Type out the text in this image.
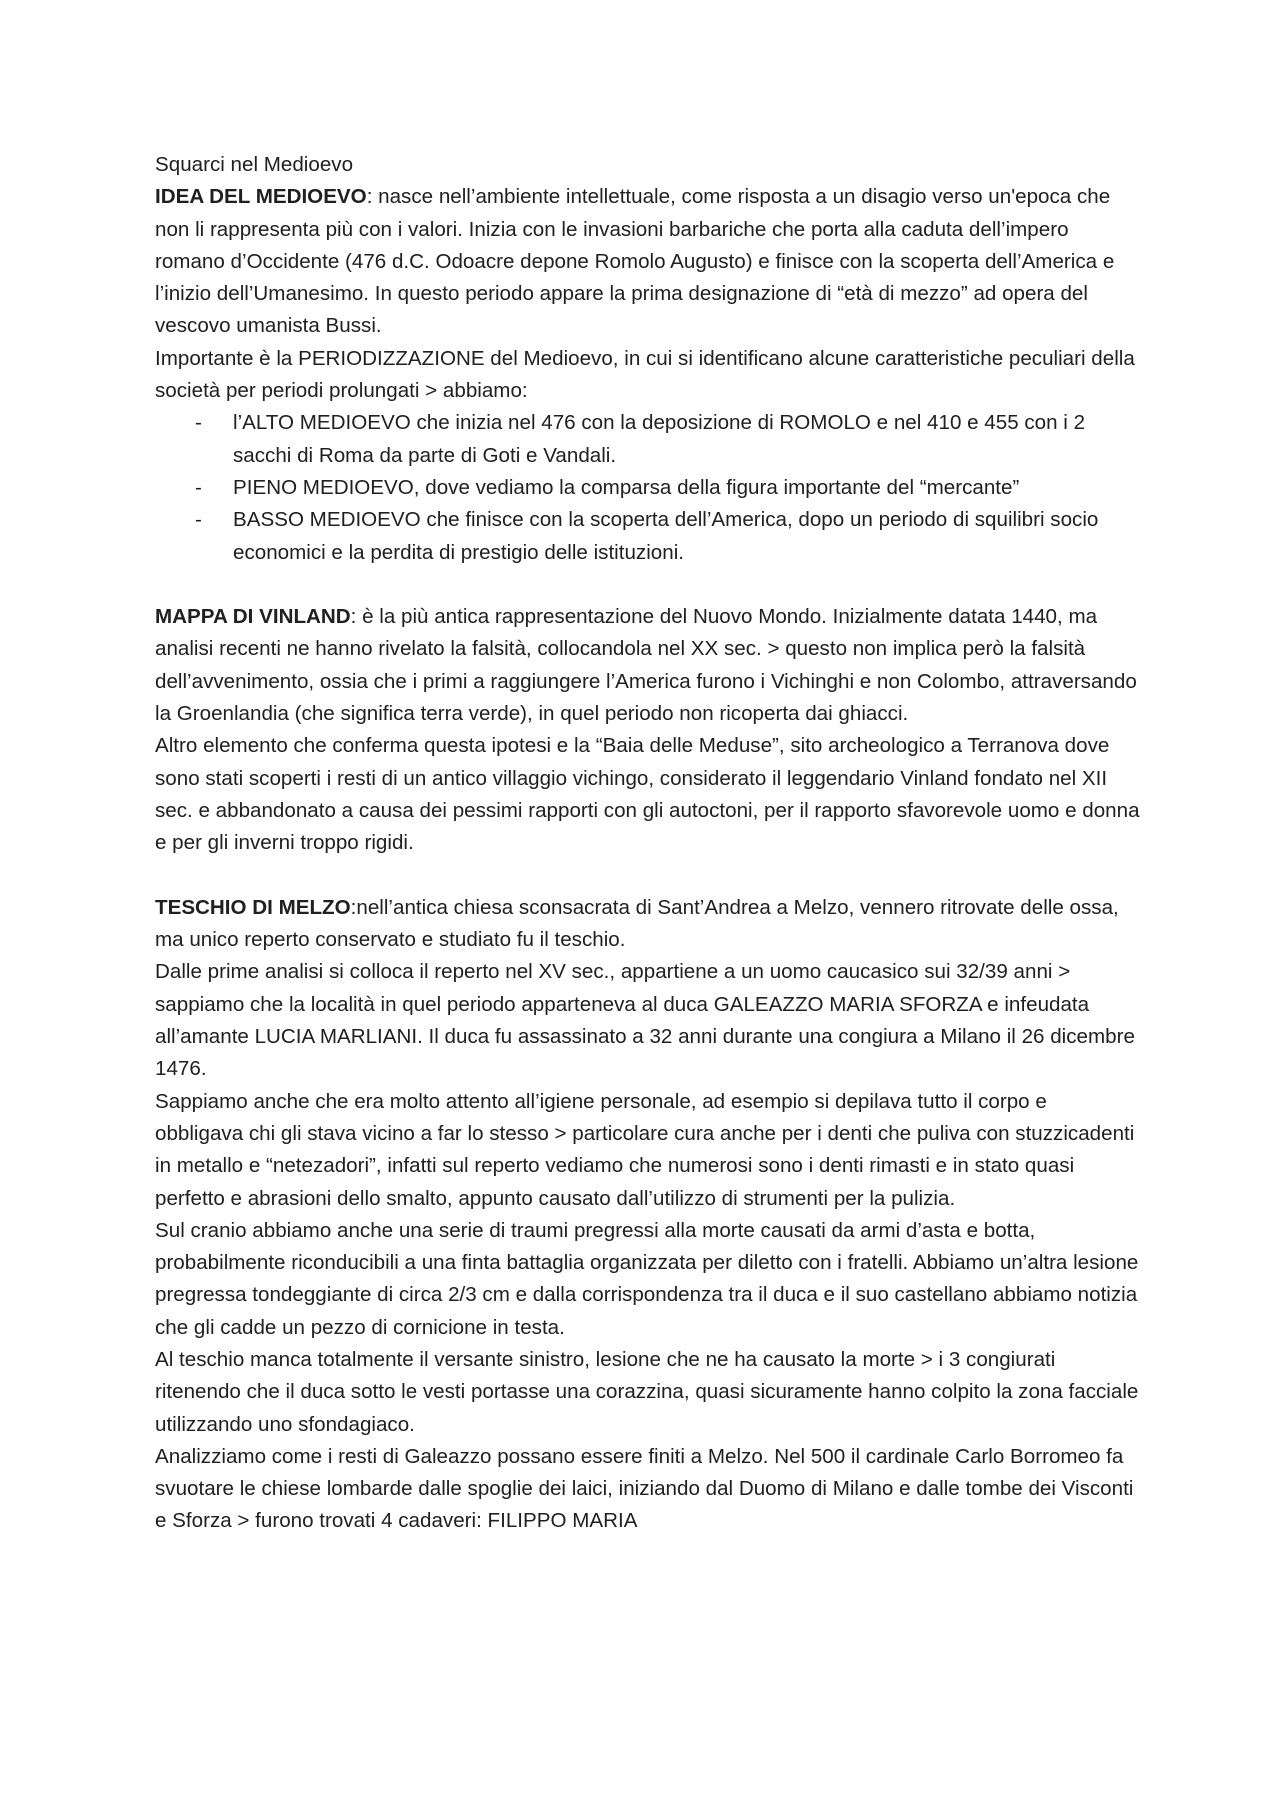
Squarci nel Medioevo

IDEA DEL MEDIOEVO: nasce nell’ambiente intellettuale, come risposta a un disagio verso un'epoca che non li rappresenta più con i valori. Inizia con le invasioni barbariche che porta alla caduta dell’impero romano d’Occidente (476 d.C. Odoacre depone Romolo Augusto) e finisce con la scoperta dell’America e l’inizio dell’Umanesimo. In questo periodo appare la prima designazione di “età di mezzo” ad opera del vescovo umanista Bussi.

Importante è la PERIODIZZAZIONE del Medioevo, in cui si identificano alcune caratteristiche peculiari della società per periodi prolungati > abbiamo:

- l’ALTO MEDIOEVO che inizia nel 476 con la deposizione di ROMOLO e nel 410 e 455 con i 2 sacchi di Roma da parte di Goti e Vandali.
- PIENO MEDIOEVO, dove vediamo la comparsa della figura importante del “mercante”
- BASSO MEDIOEVO che finisce con la scoperta dell’America, dopo un periodo di squilibri socio economici e la perdita di prestigio delle istituzioni.

MAPPA DI VINLAND: è la più antica rappresentazione del Nuovo Mondo. Inizialmente datata 1440, ma analisi recenti ne hanno rivelato la falsità, collocandola nel XX sec. > questo non implica però la falsità dell’avvenimento, ossia che i primi a raggiungere l’America furono i Vichinghi e non Colombo, attraversando la Groenlandia (che significa terra verde), in quel periodo non ricoperta dai ghiacci.

Altro elemento che conferma questa ipotesi e la “Baia delle Meduse”, sito archeologico a Terranova dove sono stati scoperti i resti di un antico villaggio vichingo, considerato il leggendario Vinland fondato nel XII sec. e abbandonato a causa dei pessimi rapporti con gli autoctoni, per il rapporto sfavorevole uomo e donna e per gli inverni troppo rigidi.

TESCHIO DI MELZO:nell’antica chiesa sconsacrata di Sant’Andrea a Melzo, vennero ritrovate delle ossa, ma unico reperto conservato e studiato fu il teschio.

Dalle prime analisi si colloca il reperto nel XV sec., appartiene a un uomo caucasico sui 32/39 anni > sappiamo che la località in quel periodo apparteneva al duca GALEAZZO MARIA SFORZA e infeudata all’amante LUCIA MARLIANI. Il duca fu assassinato a 32 anni durante una congiura a Milano il 26 dicembre 1476.

Sappiamo anche che era molto attento all’igiene personale, ad esempio si depilava tutto il corpo e obbligava chi gli stava vicino a far lo stesso > particolare cura anche per i denti che puliva con stuzzicadenti in metallo e “netezadori”, infatti sul reperto vediamo che numerosi sono i denti rimasti e in stato quasi perfetto e abrasioni dello smalto, appunto causato dall’utilizzo di strumenti per la pulizia.

Sul cranio abbiamo anche una serie di traumi pregressi alla morte causati da armi d’asta e botta, probabilmente riconducibili a una finta battaglia organizzata per diletto con i fratelli. Abbiamo un’altra lesione pregressa tondeggiante di circa 2/3 cm e dalla corrispondenza tra il duca e il suo castellano abbiamo notizia che gli cadde un pezzo di cornicione in testa.

Al teschio manca totalmente il versante sinistro, lesione che ne ha causato la morte > i 3 congiurati ritenendo che il duca sotto le vesti portasse una corazzina, quasi sicuramente hanno colpito la zona facciale utilizzando uno sfondagiaco.

Analizziamo come i resti di Galeazzo possano essere finiti a Melzo. Nel 500 il cardinale Carlo Borromeo fa svuotare le chiese lombarde dalle spoglie dei laici, iniziando dal Duomo di Milano e dalle tombe dei Visconti e Sforza > furono trovati 4 cadaveri: FILIPPO MARIA
